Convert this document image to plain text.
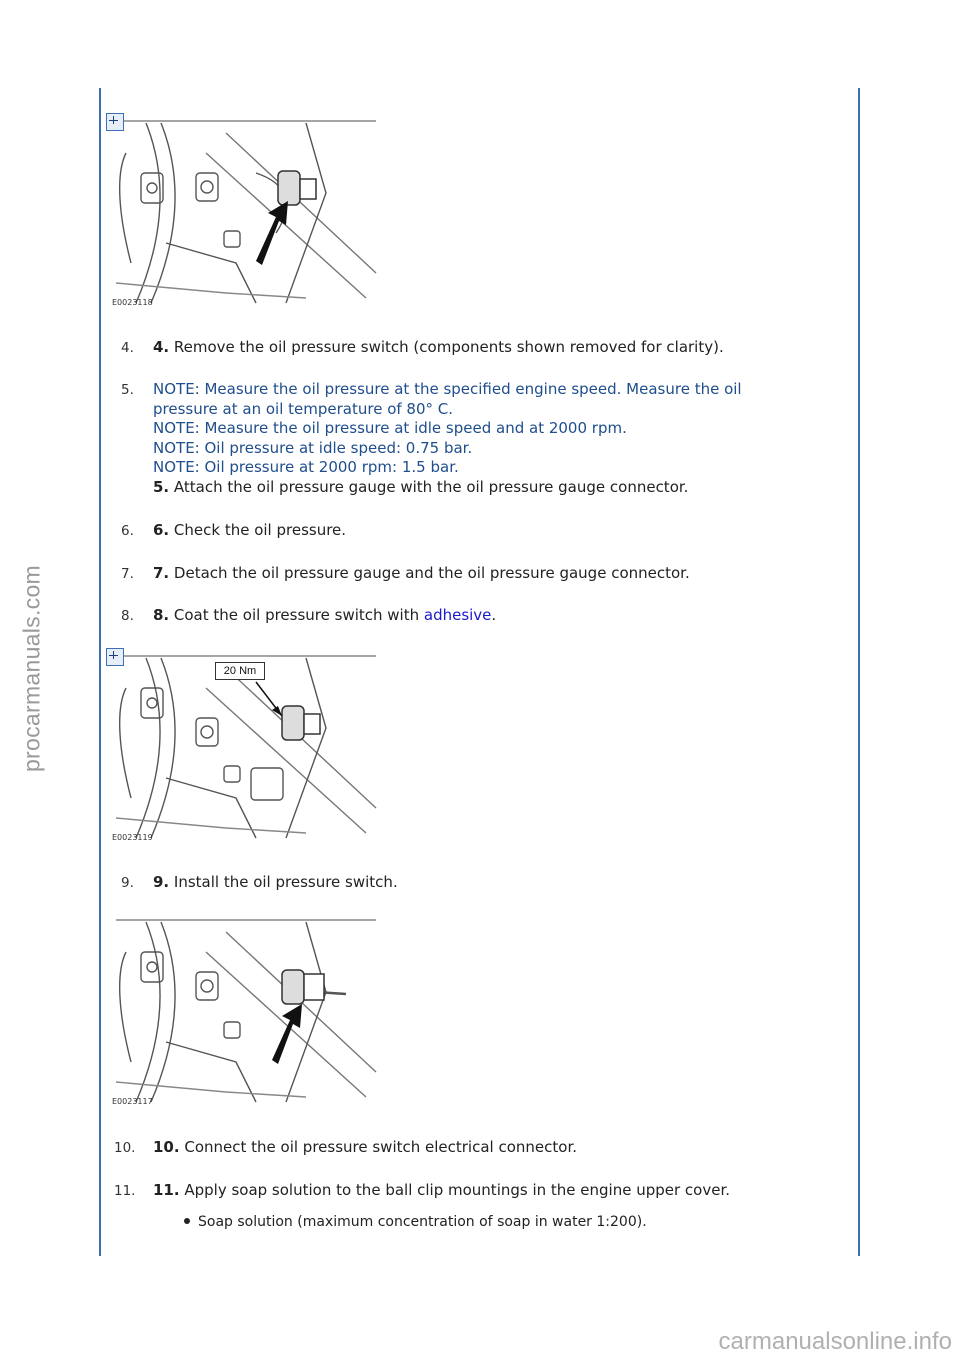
procarmanuals.com
E0023118
4. 4. Remove the oil pressure switch (components shown removed for clarity).
5. NOTE: Measure the oil pressure at the specified engine speed. Measure the oil pressure at an oil temperature of 80° C.
NOTE: Measure the oil pressure at idle speed and at 2000 rpm.
NOTE: Oil pressure at idle speed: 0.75 bar.
NOTE: Oil pressure at 2000 rpm: 1.5 bar.
5. Attach the oil pressure gauge with the oil pressure gauge connector.
6. 6. Check the oil pressure.
7. 7. Detach the oil pressure gauge and the oil pressure gauge connector.
8. 8. Coat the oil pressure switch with adhesive.
20 Nm
E0023119
9. 9. Install the oil pressure switch.
E0023117
10. 10. Connect the oil pressure switch electrical connector.
11. 11. Apply soap solution to the ball clip mountings in the engine upper cover.
Soap solution (maximum concentration of soap in water 1:200).
carmanualsonline.info
